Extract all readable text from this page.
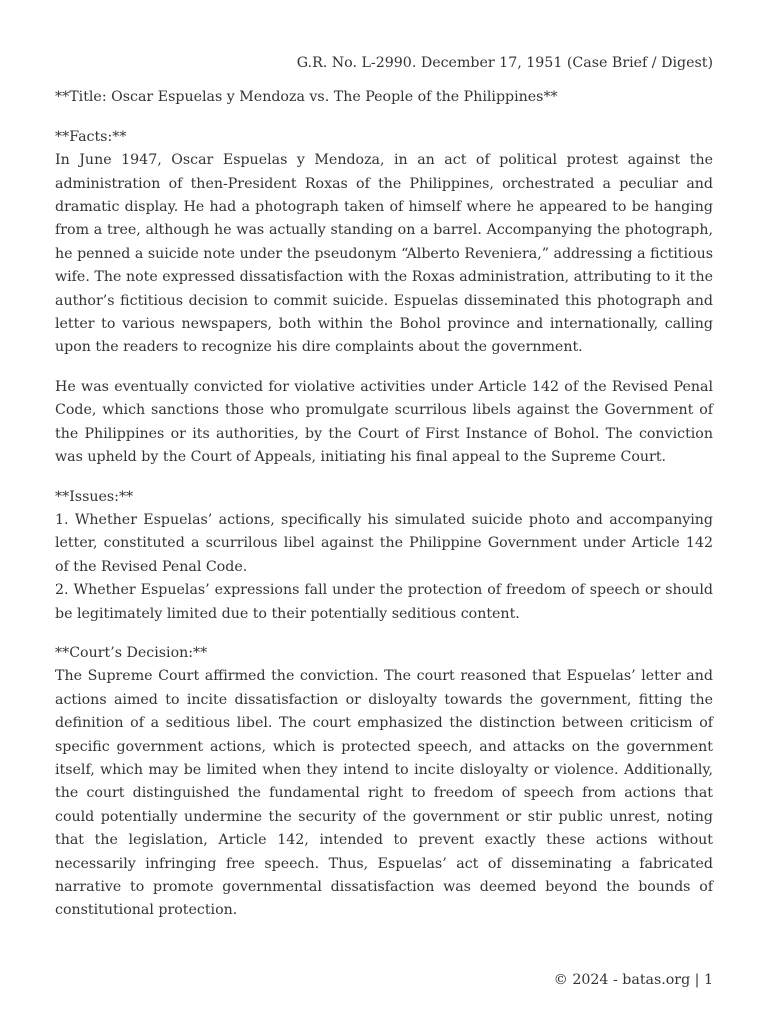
G.R. No. L-2990. December 17, 1951 (Case Brief / Digest)

**Title: Oscar Espuelas y Mendoza vs. The People of the Philippines**

**Facts:**

In June 1947, Oscar Espuelas y Mendoza, in an act of political protest against the administration of then-President Roxas of the Philippines, orchestrated a peculiar and dramatic display. He had a photograph taken of himself where he appeared to be hanging from a tree, although he was actually standing on a barrel. Accompanying the photograph, he penned a suicide note under the pseudonym “Alberto Reveniera,” addressing a fictitious wife. The note expressed dissatisfaction with the Roxas administration, attributing to it the author’s fictitious decision to commit suicide. Espuelas disseminated this photograph and letter to various newspapers, both within the Bohol province and internationally, calling upon the readers to recognize his dire complaints about the government.

He was eventually convicted for violative activities under Article 142 of the Revised Penal Code, which sanctions those who promulgate scurrilous libels against the Government of the Philippines or its authorities, by the Court of First Instance of Bohol. The conviction was upheld by the Court of Appeals, initiating his final appeal to the Supreme Court.

**Issues:**

1. Whether Espuelas’ actions, specifically his simulated suicide photo and accompanying letter, constituted a scurrilous libel against the Philippine Government under Article 142 of the Revised Penal Code.

2. Whether Espuelas’ expressions fall under the protection of freedom of speech or should be legitimately limited due to their potentially seditious content.

**Court’s Decision:**

The Supreme Court affirmed the conviction. The court reasoned that Espuelas’ letter and actions aimed to incite dissatisfaction or disloyalty towards the government, fitting the definition of a seditious libel. The court emphasized the distinction between criticism of specific government actions, which is protected speech, and attacks on the government itself, which may be limited when they intend to incite disloyalty or violence. Additionally, the court distinguished the fundamental right to freedom of speech from actions that could potentially undermine the security of the government or stir public unrest, noting that the legislation, Article 142, intended to prevent exactly these actions without necessarily infringing free speech. Thus, Espuelas’ act of disseminating a fabricated narrative to promote governmental dissatisfaction was deemed beyond the bounds of constitutional protection.

© 2024 - batas.org | 1
